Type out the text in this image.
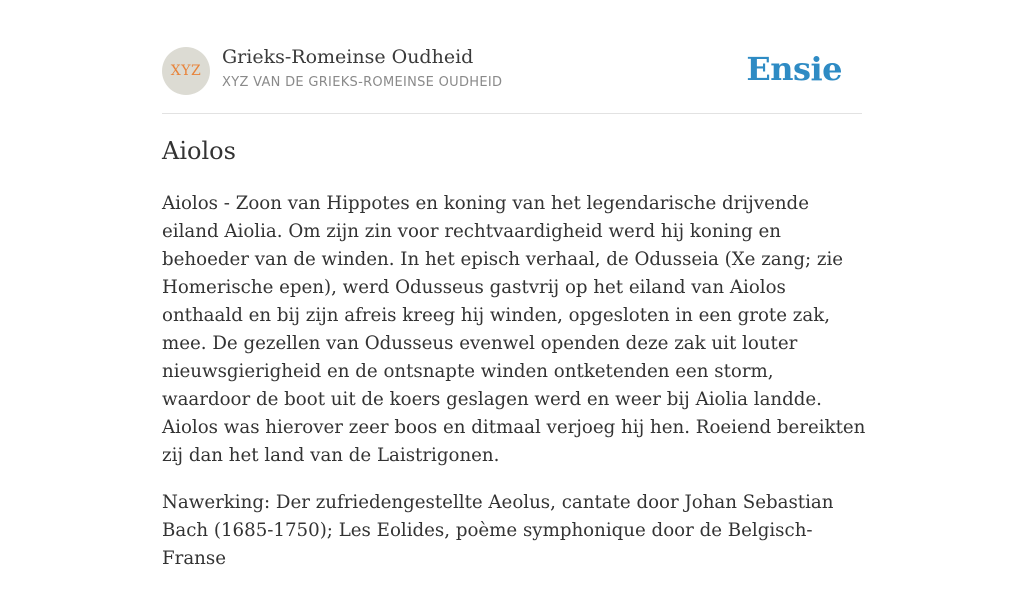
XYZ
Grieks-Romeinse Oudheid
XYZ VAN DE GRIEKS-ROMEINSE OUDHEID	Ensie
Aiolos

Aiolos - Zoon van Hippotes en koning van het legendarische drijvende eiland Aiolia. Om zijn zin voor rechtvaardigheid werd hij koning en behoeder van de winden. In het episch verhaal, de Odusseia (Xe zang; zie Homerische epen), werd Odusseus gastvrij op het eiland van Aiolos onthaald en bij zijn afreis kreeg hij winden, opgesloten in een grote zak, mee. De gezellen van Odusseus evenwel openden deze zak uit louter nieuwsgierigheid en de ontsnapte winden ontketenden een storm, waardoor de boot uit de koers geslagen werd en weer bij Aiolia landde. Aiolos was hierover zeer boos en ditmaal verjoeg hij hen. Roeiend bereikten zij dan het land van de Laistrigonen.

Nawerking: Der zufriedengestellte Aeolus, cantate door Johan Sebastian Bach (1685-1750); Les Eolides, poème symphonique door de Belgisch-Franse
